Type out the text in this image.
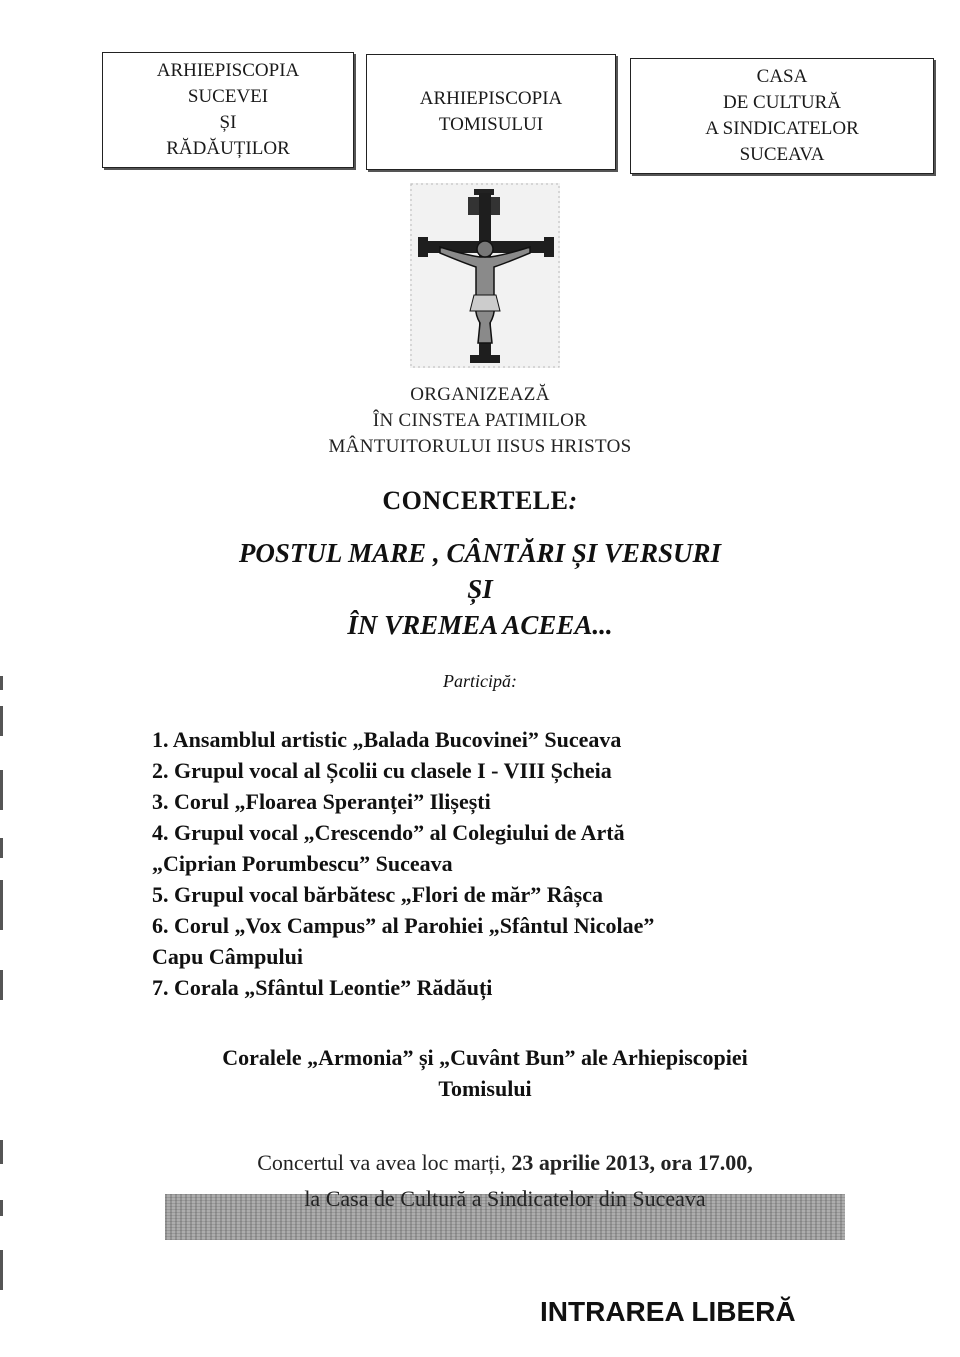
ARHIEPISCOPIA
SUCEVEI
ȘI
RĂDĂUȚILOR
ARHIEPISCOPIA
TOMISULUI
CASA
DE CULTURĂ
A SINDICATELOR
SUCEAVA
ORGANIZEAZĂ
ÎN CINSTEA PATIMILOR
MÂNTUITORULUI IISUS HRISTOS
CONCERTELE:
POSTUL MARE , CÂNTĂRI ȘI VERSURI
ȘI
ÎN VREMEA ACEEA...
Participă:
1. Ansamblul artistic „Balada Bucovinei” Suceava
2. Grupul vocal al Școlii cu clasele I - VIII Șcheia
3. Corul „Floarea Speranței” Ilișești
4. Grupul vocal „Crescendo” al Colegiului de Artă
„Ciprian Porumbescu” Suceava
5. Grupul vocal bărbătesc „Flori de măr” Râșca
6. Corul „Vox Campus” al Parohiei „Sfântul Nicolae”
Capu Câmpului
7. Corala „Sfântul Leontie” Rădăuți
Coralele „Armonia” și „Cuvânt Bun” ale Arhiepiscopiei
Tomisului
Concertul va avea loc marți, 23 aprilie 2013, ora 17.00,
la Casa de Cultură a Sindicatelor din Suceava
INTRAREA LIBERĂ
